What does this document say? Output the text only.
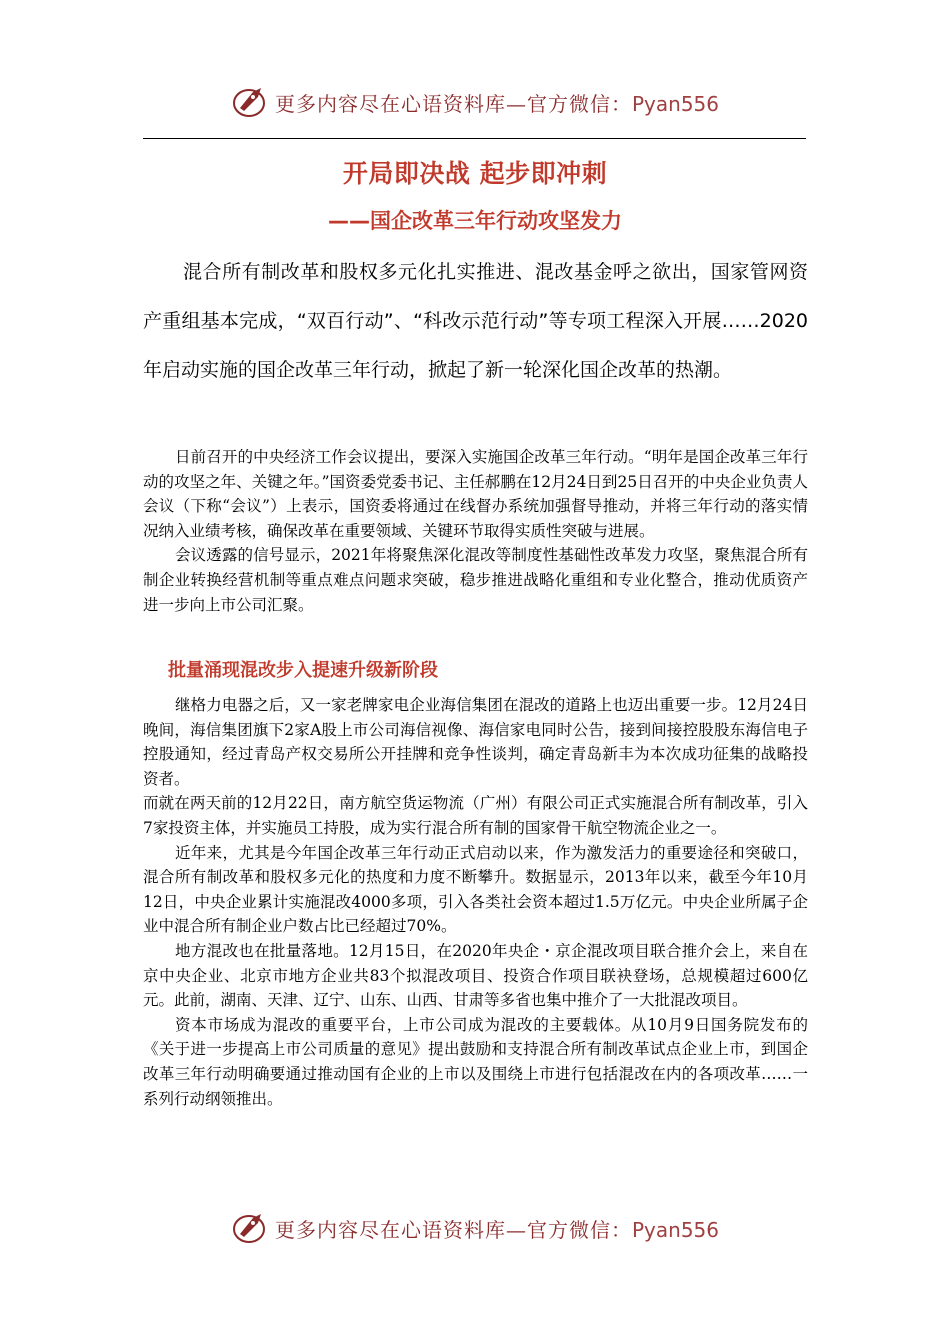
更多内容尽在心语资料库—官方微信：Pyan556
开局即决战 起步即冲刺
——国企改革三年行动攻坚发力

混合所有制改革和股权多元化扎实推进、混改基金呼之欲出，国家管网资产重组基本完成，“双百行动”、“科改示范行动”等专项工程深入开展……2020年启动实施的国企改革三年行动，掀起了新一轮深化国企改革的热潮。

日前召开的中央经济工作会议提出，要深入实施国企改革三年行动。“明年是国企改革三年行动的攻坚之年、关键之年。”国资委党委书记、主任郝鹏在12月24日到25日召开的中央企业负责人会议（下称“会议”）上表示，国资委将通过在线督办系统加强督导推动，并将三年行动的落实情况纳入业绩考核，确保改革在重要领域、关键环节取得实质性突破与进展。

会议透露的信号显示，2021年将聚焦深化混改等制度性基础性改革发力攻坚，聚焦混合所有制企业转换经营机制等重点难点问题求突破，稳步推进战略化重组和专业化整合，推动优质资产进一步向上市公司汇聚。

批量涌现混改步入提速升级新阶段

继格力电器之后，又一家老牌家电企业海信集团在混改的道路上也迈出重要一步。12月24日晚间，海信集团旗下2家A股上市公司海信视像、海信家电同时公告，接到间接控股股东海信电子控股通知，经过青岛产权交易所公开挂牌和竞争性谈判，确定青岛新丰为本次成功征集的战略投资者。

而就在两天前的12月22日，南方航空货运物流（广州）有限公司正式实施混合所有制改革，引入7家投资主体，并实施员工持股，成为实行混合所有制的国家骨干航空物流企业之一。

近年来，尤其是今年国企改革三年行动正式启动以来，作为激发活力的重要途径和突破口，混合所有制改革和股权多元化的热度和力度不断攀升。数据显示，2013年以来，截至今年10月12日，中央企业累计实施混改4000多项，引入各类社会资本超过1.5万亿元。中央企业所属子企业中混合所有制企业户数占比已经超过70%。

地方混改也在批量落地。12月15日，在2020年央企・京企混改项目联合推介会上，来自在京中央企业、北京市地方企业共83个拟混改项目、投资合作项目联袂登场，总规模超过600亿元。此前，湖南、天津、辽宁、山东、山西、甘肃等多省也集中推介了一大批混改项目。

资本市场成为混改的重要平台，上市公司成为混改的主要载体。从10月9日国务院发布的《关于进一步提高上市公司质量的意见》提出鼓励和支持混合所有制改革试点企业上市，到国企改革三年行动明确要通过推动国有企业的上市以及围绕上市进行包括混改在内的各项改革……一系列行动纲领推出。

更多内容尽在心语资料库—官方微信：Pyan556
